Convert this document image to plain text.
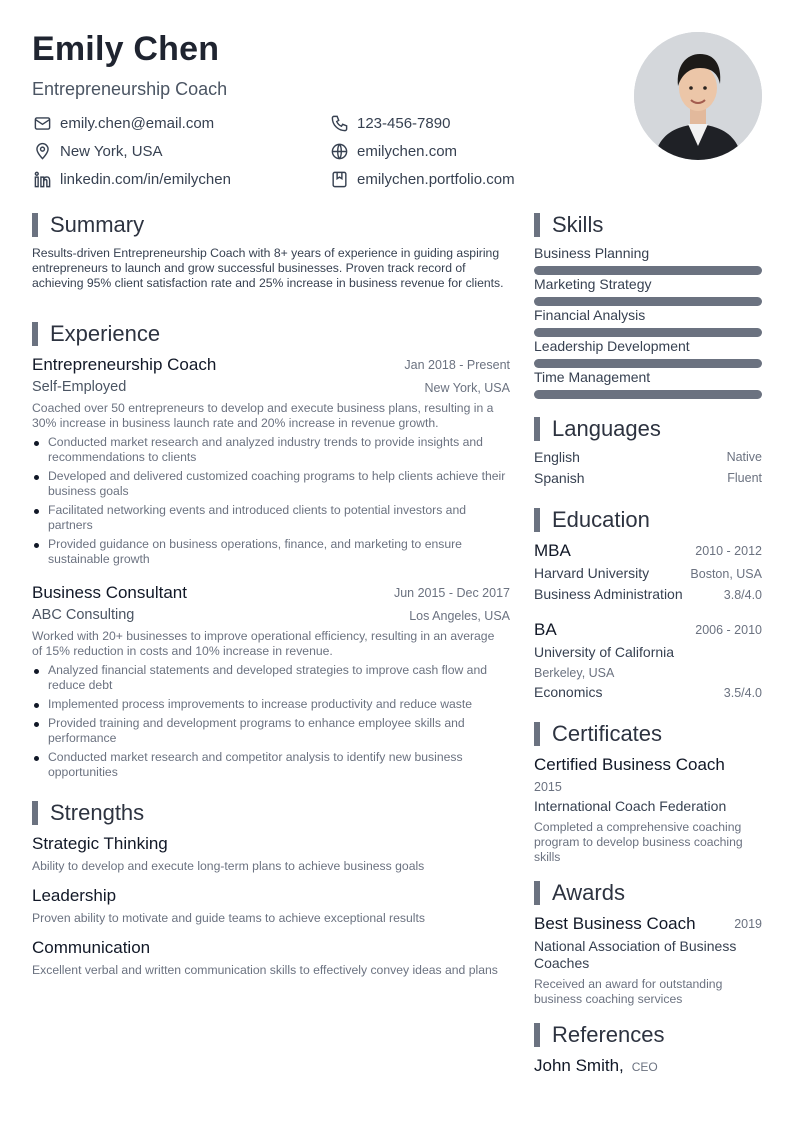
Emily Chen
Entrepreneurship Coach
emily.chen@email.com	123-456-7890
New York, USA	emilychen.com
linkedin.com/in/emilychen	emilychen.portfolio.com
Summary
Results-driven Entrepreneurship Coach with 8+ years of experience in guiding aspiring entrepreneurs to launch and grow successful businesses. Proven track record of achieving 95% client satisfaction rate and 25% increase in business revenue for clients.
Experience
Entrepreneurship Coach	Jan 2018 - Present
Self-Employed	New York, USA
Coached over 50 entrepreneurs to develop and execute business plans, resulting in a 30% increase in business launch rate and 20% increase in revenue growth.
Conducted market research and analyzed industry trends to provide insights and recommendations to clients
Developed and delivered customized coaching programs to help clients achieve their business goals
Facilitated networking events and introduced clients to potential investors and partners
Provided guidance on business operations, finance, and marketing to ensure sustainable growth
Business Consultant	Jun 2015 - Dec 2017
ABC Consulting	Los Angeles, USA
Worked with 20+ businesses to improve operational efficiency, resulting in an average of 15% reduction in costs and 10% increase in revenue.
Analyzed financial statements and developed strategies to improve cash flow and reduce debt
Implemented process improvements to increase productivity and reduce waste
Provided training and development programs to enhance employee skills and performance
Conducted market research and competitor analysis to identify new business opportunities
Strengths
Strategic Thinking
Ability to develop and execute long-term plans to achieve business goals
Leadership
Proven ability to motivate and guide teams to achieve exceptional results
Communication
Excellent verbal and written communication skills to effectively convey ideas and plans
Skills
Business Planning
Marketing Strategy
Financial Analysis
Leadership Development
Time Management
Languages
English	Native
Spanish	Fluent
Education
MBA	2010 - 2012
Harvard University	Boston, USA
Business Administration	3.8/4.0
BA	2006 - 2010
University of California
Berkeley, USA
Economics	3.5/4.0
Certificates
Certified Business Coach
2015
International Coach Federation
Completed a comprehensive coaching program to develop business coaching skills
Awards
Best Business Coach	2019
National Association of Business Coaches
Received an award for outstanding business coaching services
References
John Smith, CEO
